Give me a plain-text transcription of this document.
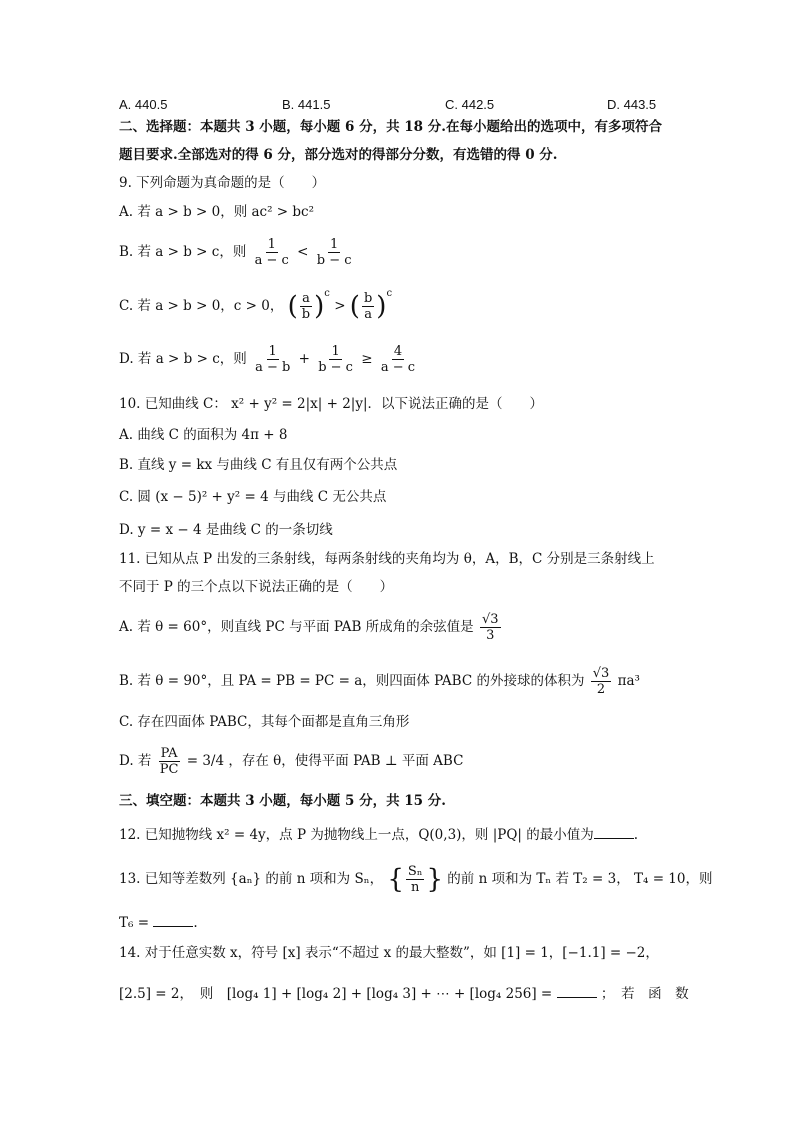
A. 440.5	B. 441.5	C. 442.5	D. 443.5
二、选择题：本题共 3 小题，每小题 6 分，共 18 分.在每小题给出的选项中，有多项符合
题目要求.全部选对的得 6 分，部分选对的得部分分数，有选错的得 0 分.
9. 下列命题为真命题的是（　　）
A. 若 a > b > 0，则 ac² > bc²
B. 若 a > b > c，则 $\frac{1}{a - c} < \frac{1}{b - c}$
C. 若 a > b > 0，c > 0， ( $\frac{a}{b} )^c$ > ( $\frac{b}{a} )^c$
D. 若 a > b > c，则 $\frac{1}{a - b} + \frac{1}{b - c} \ge \frac{4}{a - c}$
10. 已知曲线 C： x² + y² = 2|x| + 2|y|．以下说法正确的是（　　）
A. 曲线 C 的面积为 4π + 8
B. 直线 y = kx 与曲线 C 有且仅有两个公共点
C. 圆 (x − 5)² + y² = 4 与曲线 C 无公共点
D. y = x − 4 是曲线 C 的一条切线
11. 已知从点 P 出发的三条射线，每两条射线的夹角均为 θ，A，B，C 分别是三条射线上
不同于 P 的三个点以下说法正确的是（　　）
A. 若 θ = 60°，则直线 PC 与平面 PAB 所成角的余弦值是 $\frac{√3}{3}$
B. 若 θ = 90°，且 PA = PB = PC = a，则四面体 PABC 的外接球的体积为 $\frac{√3}{2} \pi a^3$
C. 存在四面体 PABC，其每个面都是直角三角形
D. 若 $\frac{PA}{PC} = 3/4$ ，存在 θ，使得平面 PAB ⊥ 平面 ABC
三、填空题：本题共 3 小题，每小题 5 分，共 15 分.
12. 已知抛物线 x² = 4y，点 P 为抛物线上一点，Q(0,3)，则 |PQ| 的最小值为	.
13. 已知等差数列 {aₙ} 的前 n 项和为 Sₙ， { $\frac{\text{Sₙ}}{n}$ } 的前 n 项和为 Tₙ 若 T₂ = 3， T₄ = 10，则
T₆ =	.
14. 对于任意实数 x，符号 [x] 表示“不超过 x 的最大整数”，如 [1] = 1，[−1.1] = −2，
[2.5] = 2，　则　[log₄ 1] + [log₄ 2] + [log₄ 3] + ⋯ + [log₄ 256] =	；　若　函　数
